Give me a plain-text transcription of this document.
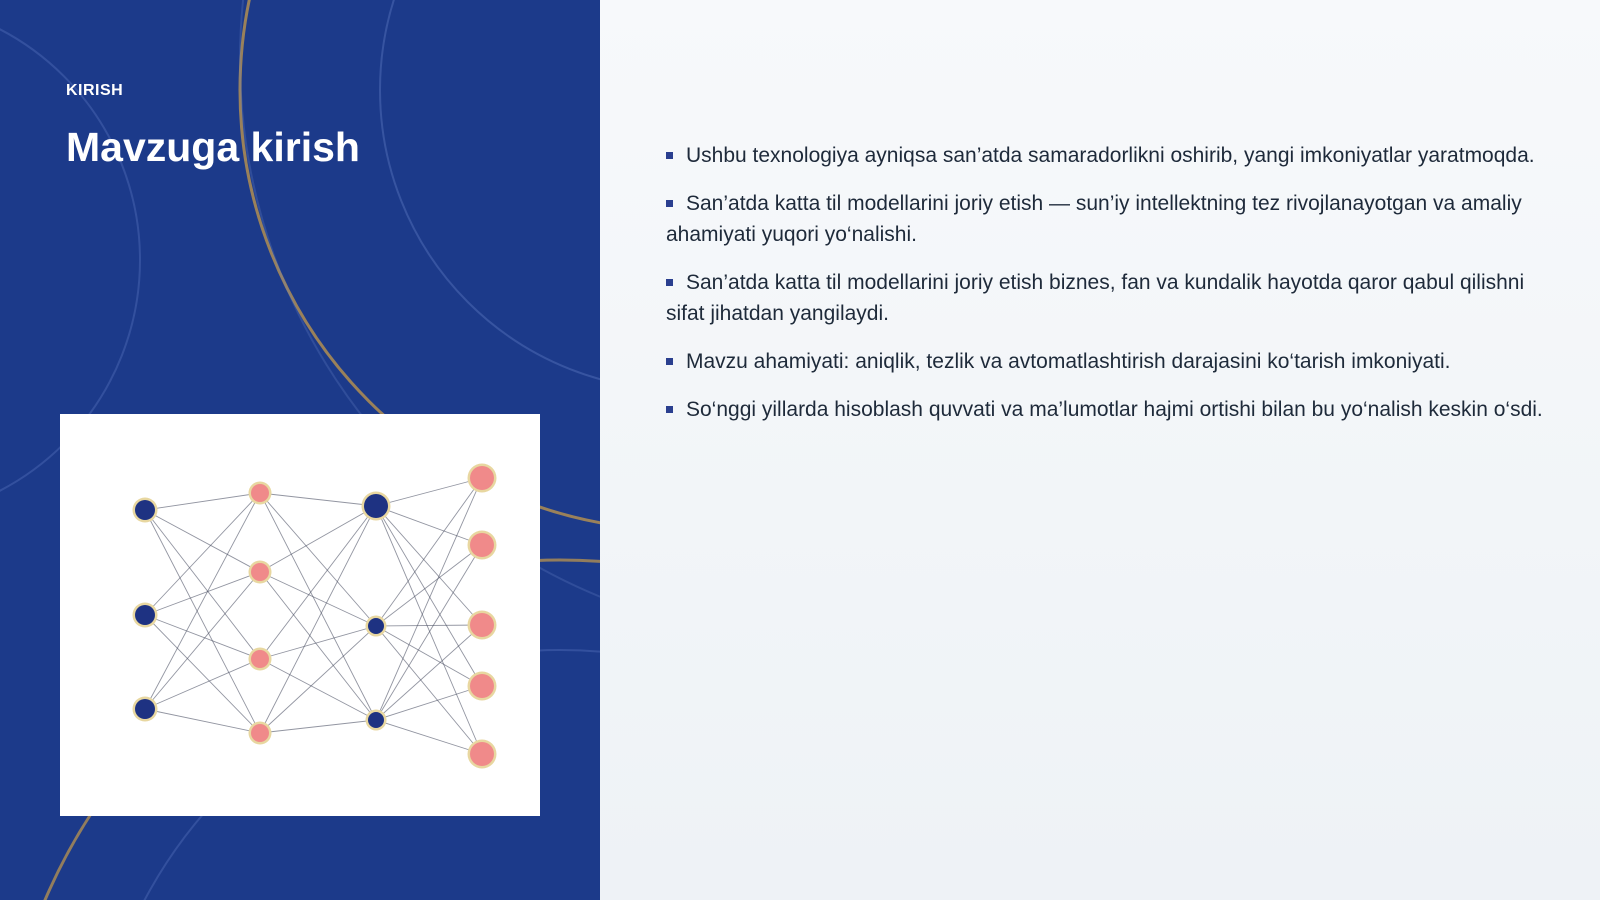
KIRISH
Mavzuga kirish	Ushbu texnologiya ayniqsa san’atda samaradorlikni oshirib, yangi imkoniyatlar yaratmoqda.
San’atda katta til modellarini joriy etish — sun’iy intellektning tez rivojlanayotgan va amaliy ahamiyati yuqori yo‘nalishi.
San’atda katta til modellarini joriy etish biznes, fan va kundalik hayotda qaror qabul qilishni sifat jihatdan yangilaydi.
Mavzu ahamiyati: aniqlik, tezlik va avtomatlashtirish darajasini ko‘tarish imkoniyati.
So‘nggi yillarda hisoblash quvvati va ma’lumotlar hajmi ortishi bilan bu yo‘nalish keskin o‘sdi.
